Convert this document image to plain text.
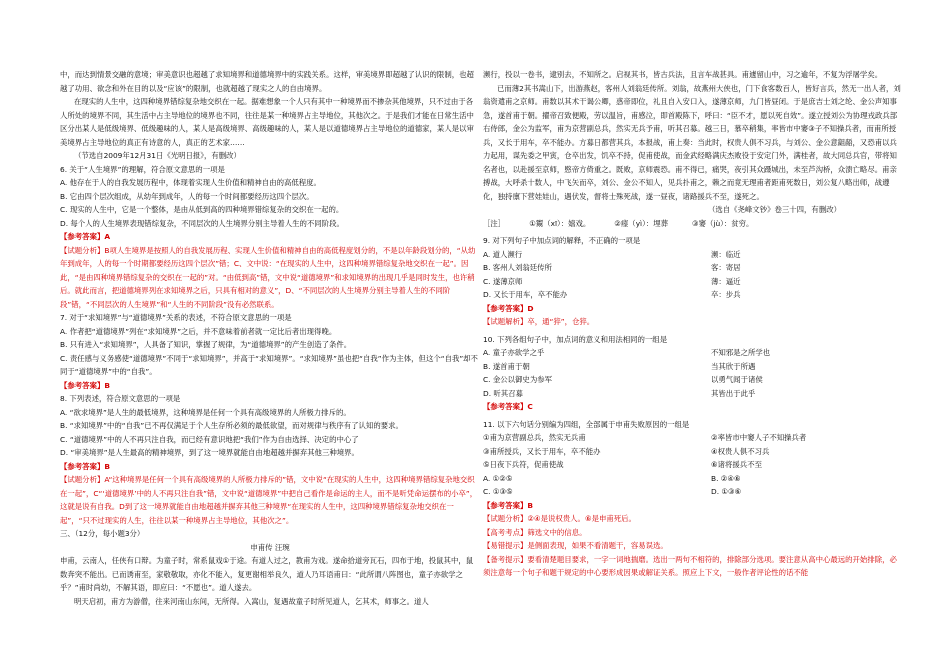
中，而达到情景交融的意境；审美意识也超越了求知境界和道德境界中的实践关系。这样，审美境界即超越了认识的限制，也超越了功用、欲念和外在目的以及“应该”的限制，也就超越了现实之人的自由境界。

在现实的人生中，这四种境界错综复杂地交织在一起。据难想象一个人只有其中一种境界而不掺杂其他境界，只不过由于各人所处的境界不同，其生活中占主导地位的境界也不同，往往是某一种境界占主导地位，其他次之。于是我们才能在日常生活中区分出某人是低级境界、低级趣味的人，某人是高级境界、高级趣味的人，某人是以道德境界占主导地位的道德家，某人是以审美境界占主导地位的真正有诗意的人，真正的艺术家……

（节选自2009年12月31日《光明日报》，有删改）

6. 关于“人生境界”的理解，符合原文意思的一项是

A. 他存在于人的自我发展历程中，体现着实现人生价值和精神自由的高低程度。

B. 它由四个层次组成，从幼年到成年，人的每一个时间都要经历这四个层次。

C. 现实的人生中，它是一个整体，是由从低到高的四种境界错综复杂的交织在一起的。

D. 每个人的人生境界表现错综复杂，不同层次的人生境界分别主导着人生的不同阶段。

【参考答案】A

【试题分析】B项人生境界是按照人的自我发展历程、实现人生价值和精神自由的高低程度划分的，不是以年龄段划分的，“从幼年到成年，人的每一个时期都要经历这四个层次”错；C、文中说：“在现实的人生中，这四种境界错综复杂地交织在一起”。因此，“是由四种境界错综复杂的交织在一起的”对。“由低到高”错，文中说“道德境界”和求知境界的出现几乎是同时发生，也许稍后。就此而言，把道德境界列在求知境界之后，只具有相对的意义”，D、“不同层次的人生境界分别主导着人生的不同阶段”错，“不同层次的人生境界”和“人生的不同阶段”没有必然联系。

7. 对于“求知境界”与“道德境界”关系的表述，不符合原文意思的一项是

A. 作者把“道德境界”列在“求知境界”之后，并不意味着前者就一定比后者出现得晚。

B. 只有进入“求知境界”，人具备了知识，掌握了规律，为“道德境界”的产生创造了条件。

C. 责任感与义务感使“道德境界”不同于“求知境界”，并高于“求知境界”。“求知境界”虽也把“自我”作为主体，但这个“自我”却不同于“道德境界”中的“自我”。

【参考答案】B

8. 下列表述，符合原文意思的一项是

A. “欲求境界”是人生的最低境界，这种境界是任何一个具有高级境界的人所极力排斥的。

B. “求知境界”中的“自我”已不再仅满足于个人生存所必须的最低欲望，而对规律与秩序有了认知的要求。

C. “道德境界”中的人不再只注自我，而已经有意识地把“我们”作为自由选择、决定的中心了

D. “审美境界”是人生最高的精神境界，到了这一境界就能自由地超越并摒弃其他三种境界。

【参考答案】B

【试题分析】A“这种境界是任何一个具有高级境界的人所极力排斥的”错，文中说“在现实的人生中，这四种境界错综复杂地交织在一起”，C“‘道德境界’中的人不再只注自我”错，文中说“道德境界”中把自己看作是命运的主人，而不是听凭命运摆布的小卒”，这就是说有自我。D到了这一境界就能自由地超越并摒弃其他三种境界“在现实的人生中，这四种境界错综复杂地交织在一起”，“只不过现实的人生，往往以某一种境界占主导地位，其他次之”。

三、（12分，每小题3分）

申甫传 汪琬

申甫，云南人，任侠有口辩。为童子时，常系鼠戏①于途。有道人过之，教甫为戏。遂命拾道旁瓦石，四布于地，投鼠其中，鼠数奔突不能出。已而诱甫至，家敬敬取，亦化不能入，复更谢相举良久，道人乃耳语甫曰：“此所谓八阵图也，童子亦欲学之乎？”甫时尚幼，不解其语，即应曰：“不愿也”。道人遂去。

明天启初，甫方为游僧，往来河南山东间，无所得。入嵩山，复遇故童子时所见道人，乞其术，师事之。道人

濒行，投以一卷书，逮别去，不知所之。启视其书，皆古兵法，且言车战甚具。甫遽留山中，习之逾年，不复为浮屠学矣。

已而薄2其书嵩山下，出游燕赵，客州人刘翁廷传所。刘翁，故燕州大侠也，门下食客数百人，皆好言兵，然无一出人者，刘翁资遣甫之京师。甫数以其术干谒公卿，惑帝即位，礼且自入安口入，遂薄京师，九门皆昼闭。于是庶吉士刘之纶、金公声知事急，遂首甫于朝。擢帝召致便殿，劳以温旨，甫感泣，即首殿陈下，呼曰：“臣不才，愿以死自效”。遂立授刘公为协理戎政兵部右侍郎，金公为监军，甫为京营副总兵，然实无兵予甫，听其召募。越三日，慕卒稍集，率皆市中窭③子不知操兵者，而甫所授兵，又长于用车，卒不能办。方募日都营其兵，本报战，甫上奏：当此时，权贵人俱不习兵，与刘公、金公意龃龉，又恐甫以兵力起用，谋先委之甲寅，仓卒出发，饥卒不持，促甫使战，而金武经略满庆杰败役于安定门外，满桂者，故大同总兵官，带将知名者也，以赴援至京师，愍帝方倚重之。既败，京师震恐。甫不得已，痛哭，夜引其众蹑城出，未至芦沟桥，众溃亡略尽。甫亲搏战，大呼杀十数人，中飞矢而卒，刘公、金公不知人，见兵扑甫之，赖之而竟无理甫者距甫死数日，刘公复八略出师，战遵化，独持廪下营娃娃山，遇伏发，督将士殊死战，遂一昼夜，诸路援兵不至，遂死之。

（选自《尧峰文钞》卷三十四，有删改）

［注］	①鬻（xī）：嬉戏。	②瘗（yì）：埋葬	③窭（jù）：贫穷。

9. 对下列句子中加点词的解释，不正确的一项是

A. 道人濒行	濒：临近
B. 客州人刘翁廷传所	客：寄居
C. 遂薄京师	薄：逼近
D. 又长于用车，卒不能办	卒：步兵

【参考答案】D

【试题解析】卒，通“猝”，仓猝。

10. 下列各组句子中，加点词的意义和用法相同的一组是

A. 童子亦欲学之乎	不知邪是之所学也
B. 遂首甫于朝	当其欣于所遇
C. 金公以御史为参军	以勇气闻于诸侯
D. 听其召募	其皆出于此乎

【参考答案】C

11. 以下六句话分别编为四组，全部属于申甫失败原因的一组是

①甫为京营副总兵，然实无兵甫	②率皆市中窭人子不知操兵者
③甫所授兵，又长于用车，卒不能办	④权贵人俱不习兵
⑤日夜下兵符，促甫使战	⑥诸将援兵不至
A. ①②⑤	B. ②④⑥
C. ①③⑤	D. ①③⑥

【参考答案】B

【试题分析】②④是说权贵人。⑥是申甫死后。

【高考考点】筛选文中的信息。

【易错提示】是侧面表现，如果不看清题干，容易误选。

【备考提示】要看清楚题目要求，一字一词地揣磨。选出一两句不相符的，排除部分选项。要注意从高中心最远的开始排除，必须注意每一个句子和题干规定的中心要形成因果或解证关系。照应上下文，一般作者评论性的话不能
